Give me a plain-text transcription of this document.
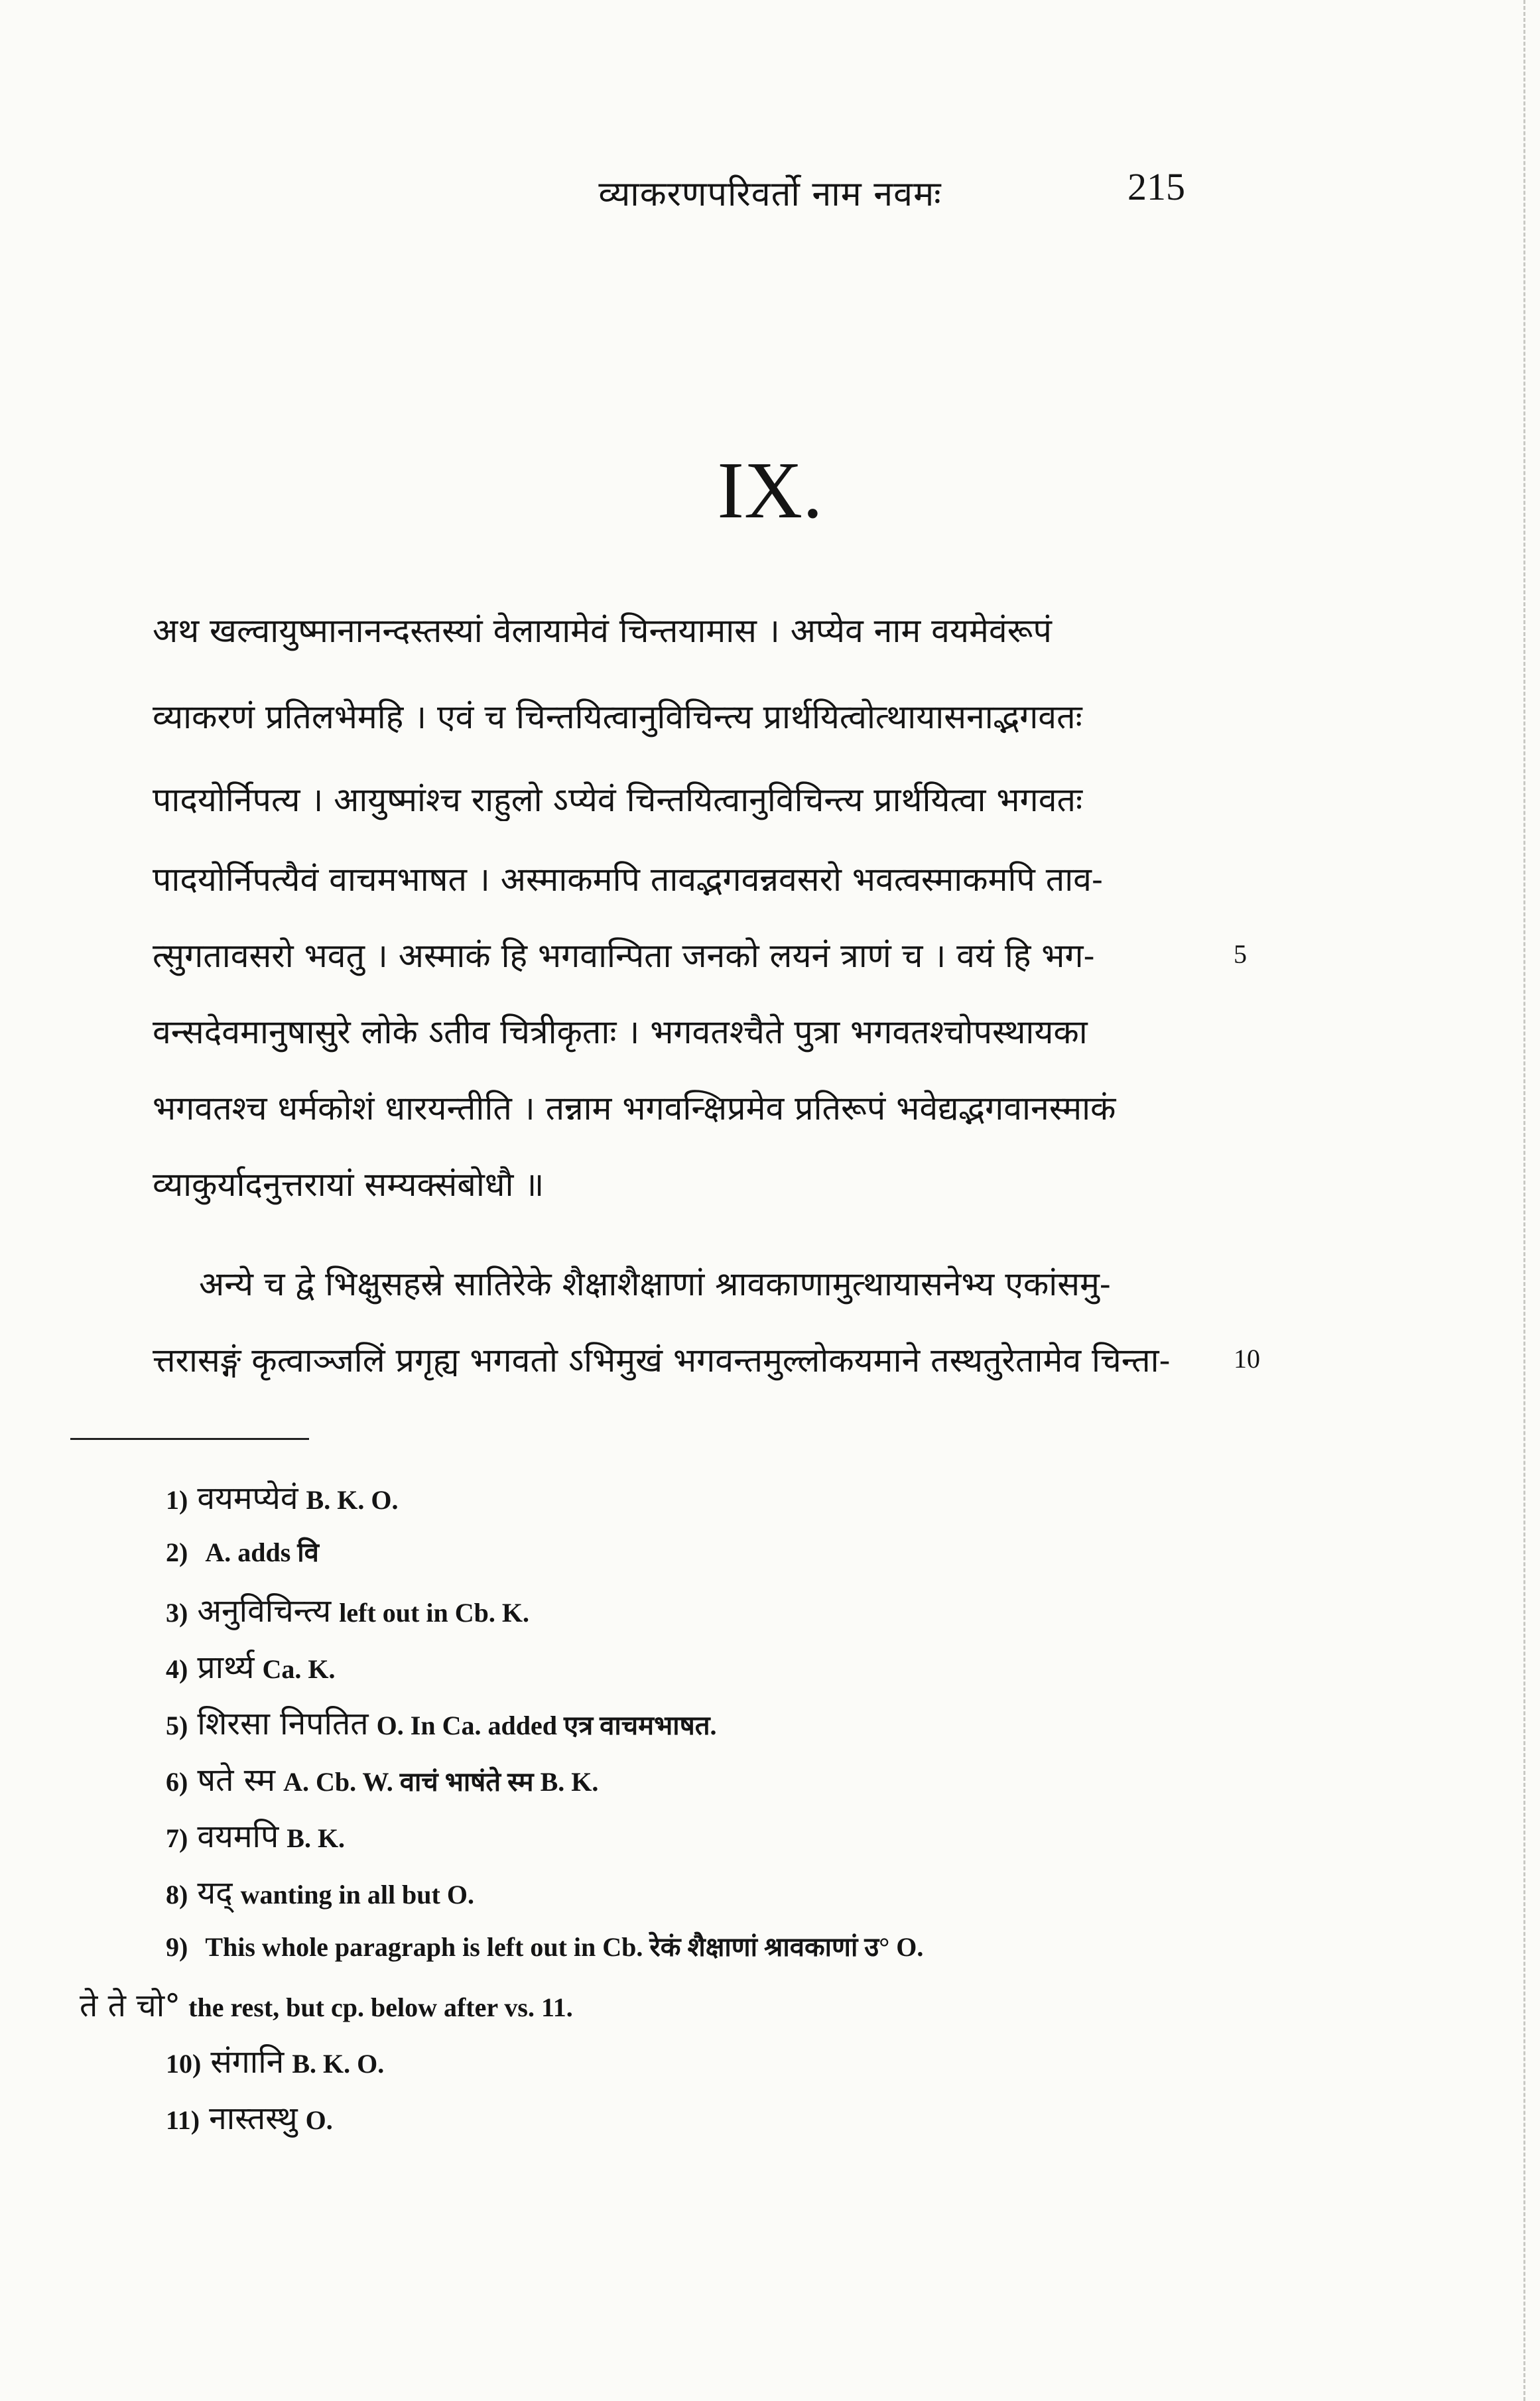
व्याकरणपरिवर्तो नाम नवमः	215
IX.
अथ खल्वायुष्मानानन्दस्तस्यां वेलायामेवं चिन्तयामास । अप्येव नाम वयमेवंरूपं
व्याकरणं प्रतिलभेमहि । एवं च चिन्तयित्वानुविचिन्त्य प्रार्थयित्वोत्थायासनाद्भगवतः
पादयोर्निपत्य । आयुष्मांश्च राहुलो ऽप्येवं चिन्तयित्वानुविचिन्त्य प्रार्थयित्वा भगवतः
पादयोर्निपत्यैवं वाचमभाषत । अस्माकमपि तावद्भगवन्नवसरो भवत्वस्माकमपि ताव-
त्सुगतावसरो भवतु । अस्माकं हि भगवान्पिता जनको लयनं त्राणं च । वयं हि भग-	5
वन्सदेवमानुषासुरे लोके ऽतीव चित्रीकृताः । भगवतश्चैते पुत्रा भगवतश्चोपस्थायका
भगवतश्च धर्मकोशं धारयन्तीति । तन्नाम भगवन्क्षिप्रमेव प्रतिरूपं भवेद्यद्भगवानस्माकं
व्याकुर्यादनुत्तरायां सम्यक्संबोधौ ॥
अन्ये च द्वे भिक्षुसहस्रे सातिरेके शैक्षाशैक्षाणां श्रावकाणामुत्थायासनेभ्य एकांसमु-
त्तरासङ्गं कृत्वाञ्जलिं प्रगृह्य भगवतो ऽभिमुखं भगवन्तमुल्लोकयमाने तस्थतुरेतामेव चिन्ता-	10
1) वयमप्येवं B. K. O.
2) A. adds वि
3) अनुविचिन्त्य left out in Cb. K.
4) प्रार्थ्य Ca. K.
5) शिरसा निपतित O. In Ca. added एत्र वाचमभाषत.
6) षते स्म A. Cb. W. वाचं भाषंते स्म B. K.
7) वयमपि B. K.
8) यद् wanting in all but O.
9) This whole paragraph is left out in Cb. रेकं शैक्षाणां श्रावकाणां उ° O.
ते ते चो° the rest, but cp. below after vs. 11.
10) संगानि B. K. O.
11) नास्तस्थु O.
